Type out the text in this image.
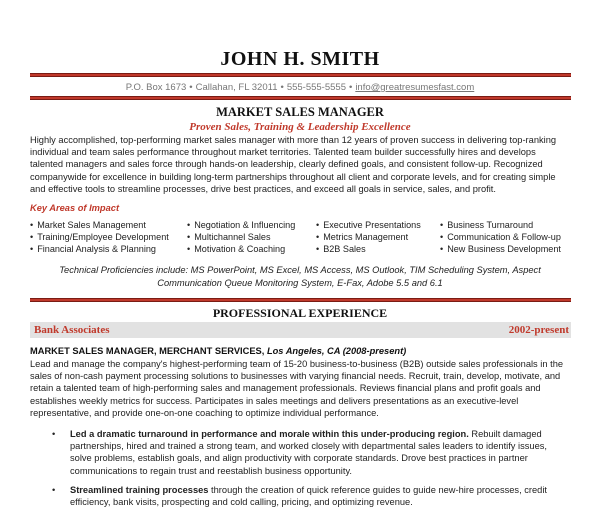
JOHN H. SMITH
P.O. Box 1673 • Callahan, FL 32011 • 555-555-5555 • info@greatresumesfast.com
MARKET SALES MANAGER
Proven Sales, Training & Leadership Excellence
Highly accomplished, top-performing market sales manager with more than 12 years of proven success in delivering top-ranking
individual and team sales performance throughout market territories. Talented team builder successfully hires and develops
talented managers and sales force through hands-on leadership, clearly defined goals, and consistent follow-up. Recognized
companywide for excellence in building long-term partnerships throughout all client and corporate levels, and for creating simple
and effective tools to streamline processes, drive best practices, and exceed all goals in service, sales, and profit.
Key Areas of Impact
• Market Sales Management
• Training/Employee Development
• Financial Analysis & Planning
• Negotiation & Influencing
• Multichannel Sales
• Motivation & Coaching
• Executive Presentations
• Metrics Management
• B2B Sales
• Business Turnaround
• Communication & Follow-up
• New Business Development
Technical Proficiencies include: MS PowerPoint, MS Excel, MS Access, MS Outlook, TIM Scheduling System, Aspect
Communication Queue Monitoring System, E-Fax, Adobe 5.5 and 6.1
PROFESSIONAL EXPERIENCE
Bank Associates	2002-present
MARKET SALES MANAGER, MERCHANT SERVICES, Los Angeles, CA (2008-present)
Lead and manage the company's highest-performing team of 15-20 business-to-business (B2B) outside sales professionals in the
sales of non-cash payment processing solutions to businesses with varying financial needs. Recruit, train, develop, motivate, and
retain a talented team of high-performing sales and management professionals. Reviews financial plans and profit goals and
establishes weekly metrics for success. Participates in sales meetings and delivers presentations as an executive-level
representative, and provide one-on-one coaching to optimize individual performance.
• Led a dramatic turnaround in performance and morale within this under-producing region. Rebuilt damaged
partnerships, hired and trained a strong team, and worked closely with departmental sales leaders to identify issues,
solve problems, establish goals, and align productivity with corporate standards. Drove best practices in partner
communications to regain trust and reestablish business opportunity.
• Streamlined training processes through the creation of quick reference guides to guide new-hire processes, credit
efficiency, bank visits, prospecting and cold calling, pricing, and optimizing revenue.
